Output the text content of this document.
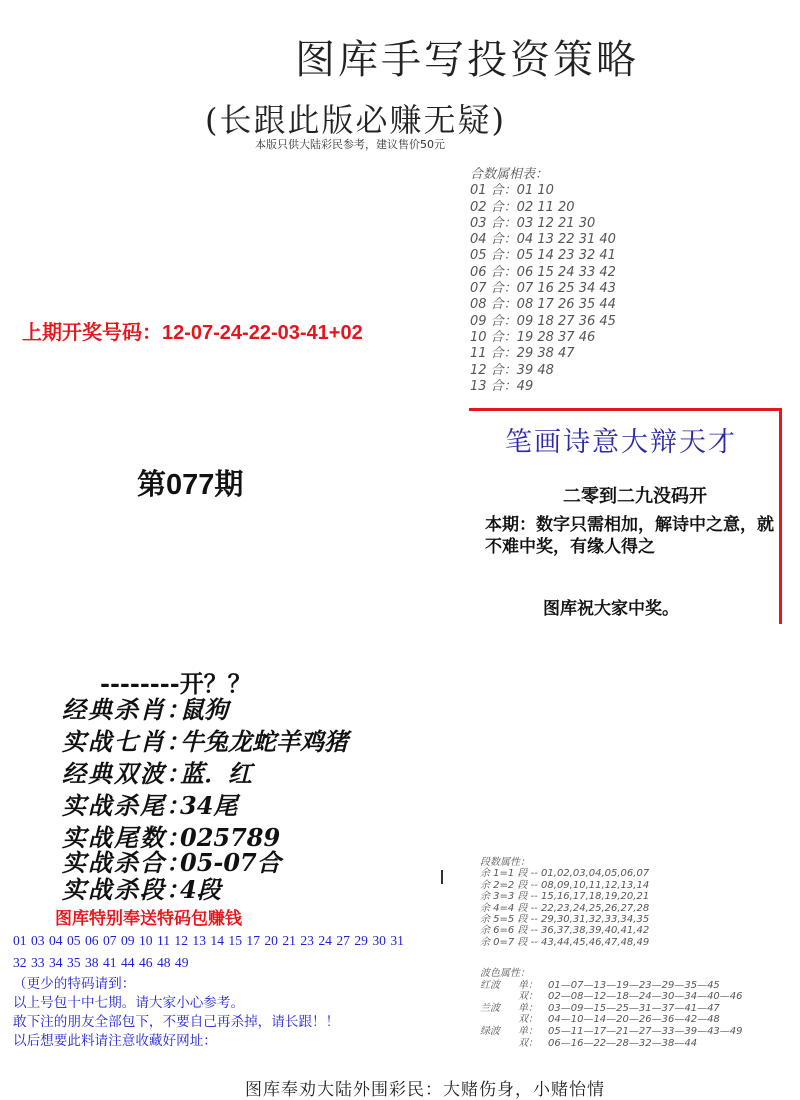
图库手写投资策略
(长跟此版必赚无疑)
本版只供大陆彩民参考，建议售价50元
上期开奖号码：12-07-24-22-03-41+02
合数属相表：
01 合：01 10
02 合：02 11 20
03 合：03 12 21 30
04 合：04 13 22 31 40
05 合：05 14 23 32 41
06 合：06 15 24 33 42
07 合：07 16 25 34 43
08 合：08 17 26 35 44
09 合：09 18 27 36 45
10 合：19 28 37 46
11 合：29 38 47
12 合：39 48
13 合：49
第077期
笔画诗意大辩天才
二零到二九没码开
本期：数字只需相加，解诗中之意，就不难中奖，有缘人得之
图库祝大家中奖。
--------开？？
经典杀肖：鼠狗
实战七肖：牛兔龙蛇羊鸡猪
经典双波：蓝．红
实战杀尾：34尾
实战尾数：025789
实战杀合：05-07合
实战杀段：4段
图库特别奉送特码包赚钱
01 03 04 05 06 07 09 10 11 12 13 14 15 17 20 21 23 24 27 29 30 31 32 33 34 35 38 41 44 46 48 49
（更少的特码请到：
以上号包十中七期。请大家小心参考。
敢下注的朋友全部包下，不要自己再杀掉，请长跟！！
以后想要此料请注意收藏好网址：
段数属性：
余 1=1 段 -- 01,02,03,04,05,06,07
余 2=2 段 -- 08,09,10,11,12,13,14
余 3=3 段 -- 15,16,17,18,19,20,21
余 4=4 段 -- 22,23,24,25,26,27,28
余 5=5 段 -- 29,30,31,32,33,34,35
余 6=6 段 -- 36,37,38,39,40,41,42
余 0=7 段 -- 43,44,45,46,47,48,49
波色属性：
红波 单： 01—07—13—19—23—29—35—45
双： 02—08—12—18—24—30—34—40—46
兰波 单： 03—09—15—25—31—37—41—47
双： 04—10—14—20—26—36—42—48
绿波 单： 05—11—17—21—27—33—39—43—49
双： 06—16—22—28—32—38—44
图库奉劝大陆外围彩民：大赌伤身，小赌怡情
